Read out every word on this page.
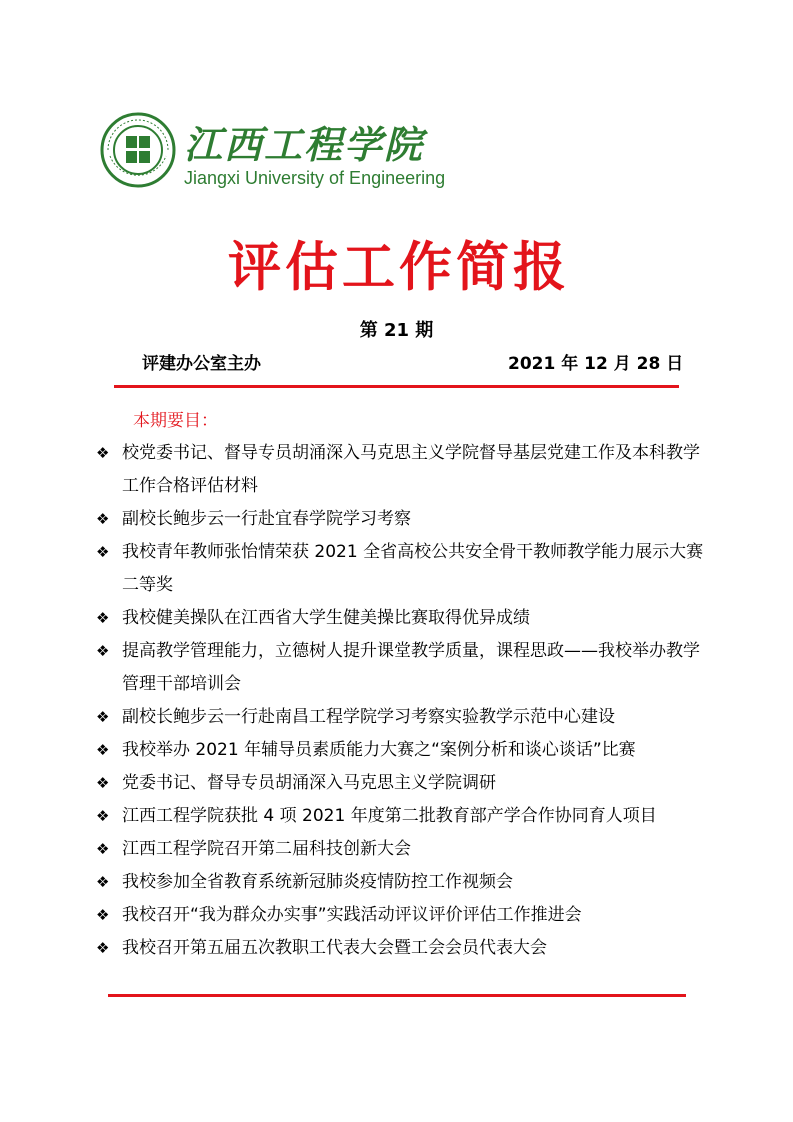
江西工程学院
Jiangxi University of Engineering
评估工作简报
第 21 期
评建办公室主办	2021 年 12 月 28 日
本期要目：
❖ 校党委书记、督导专员胡涌深入马克思主义学院督导基层党建工作及本科教学工作合格评估材料
❖ 副校长鲍步云一行赴宜春学院学习考察
❖ 我校青年教师张怡情荣获 2021 全省高校公共安全骨干教师教学能力展示大赛二等奖
❖ 我校健美操队在江西省大学生健美操比赛取得优异成绩
❖ 提高教学管理能力，立德树人提升课堂教学质量，课程思政——我校举办教学管理干部培训会
❖ 副校长鲍步云一行赴南昌工程学院学习考察实验教学示范中心建设
❖ 我校举办 2021 年辅导员素质能力大赛之“案例分析和谈心谈话”比赛
❖ 党委书记、督导专员胡涌深入马克思主义学院调研
❖ 江西工程学院获批 4 项 2021 年度第二批教育部产学合作协同育人项目
❖ 江西工程学院召开第二届科技创新大会
❖ 我校参加全省教育系统新冠肺炎疫情防控工作视频会
❖ 我校召开“我为群众办实事”实践活动评议评价评估工作推进会
❖ 我校召开第五届五次教职工代表大会暨工会会员代表大会
